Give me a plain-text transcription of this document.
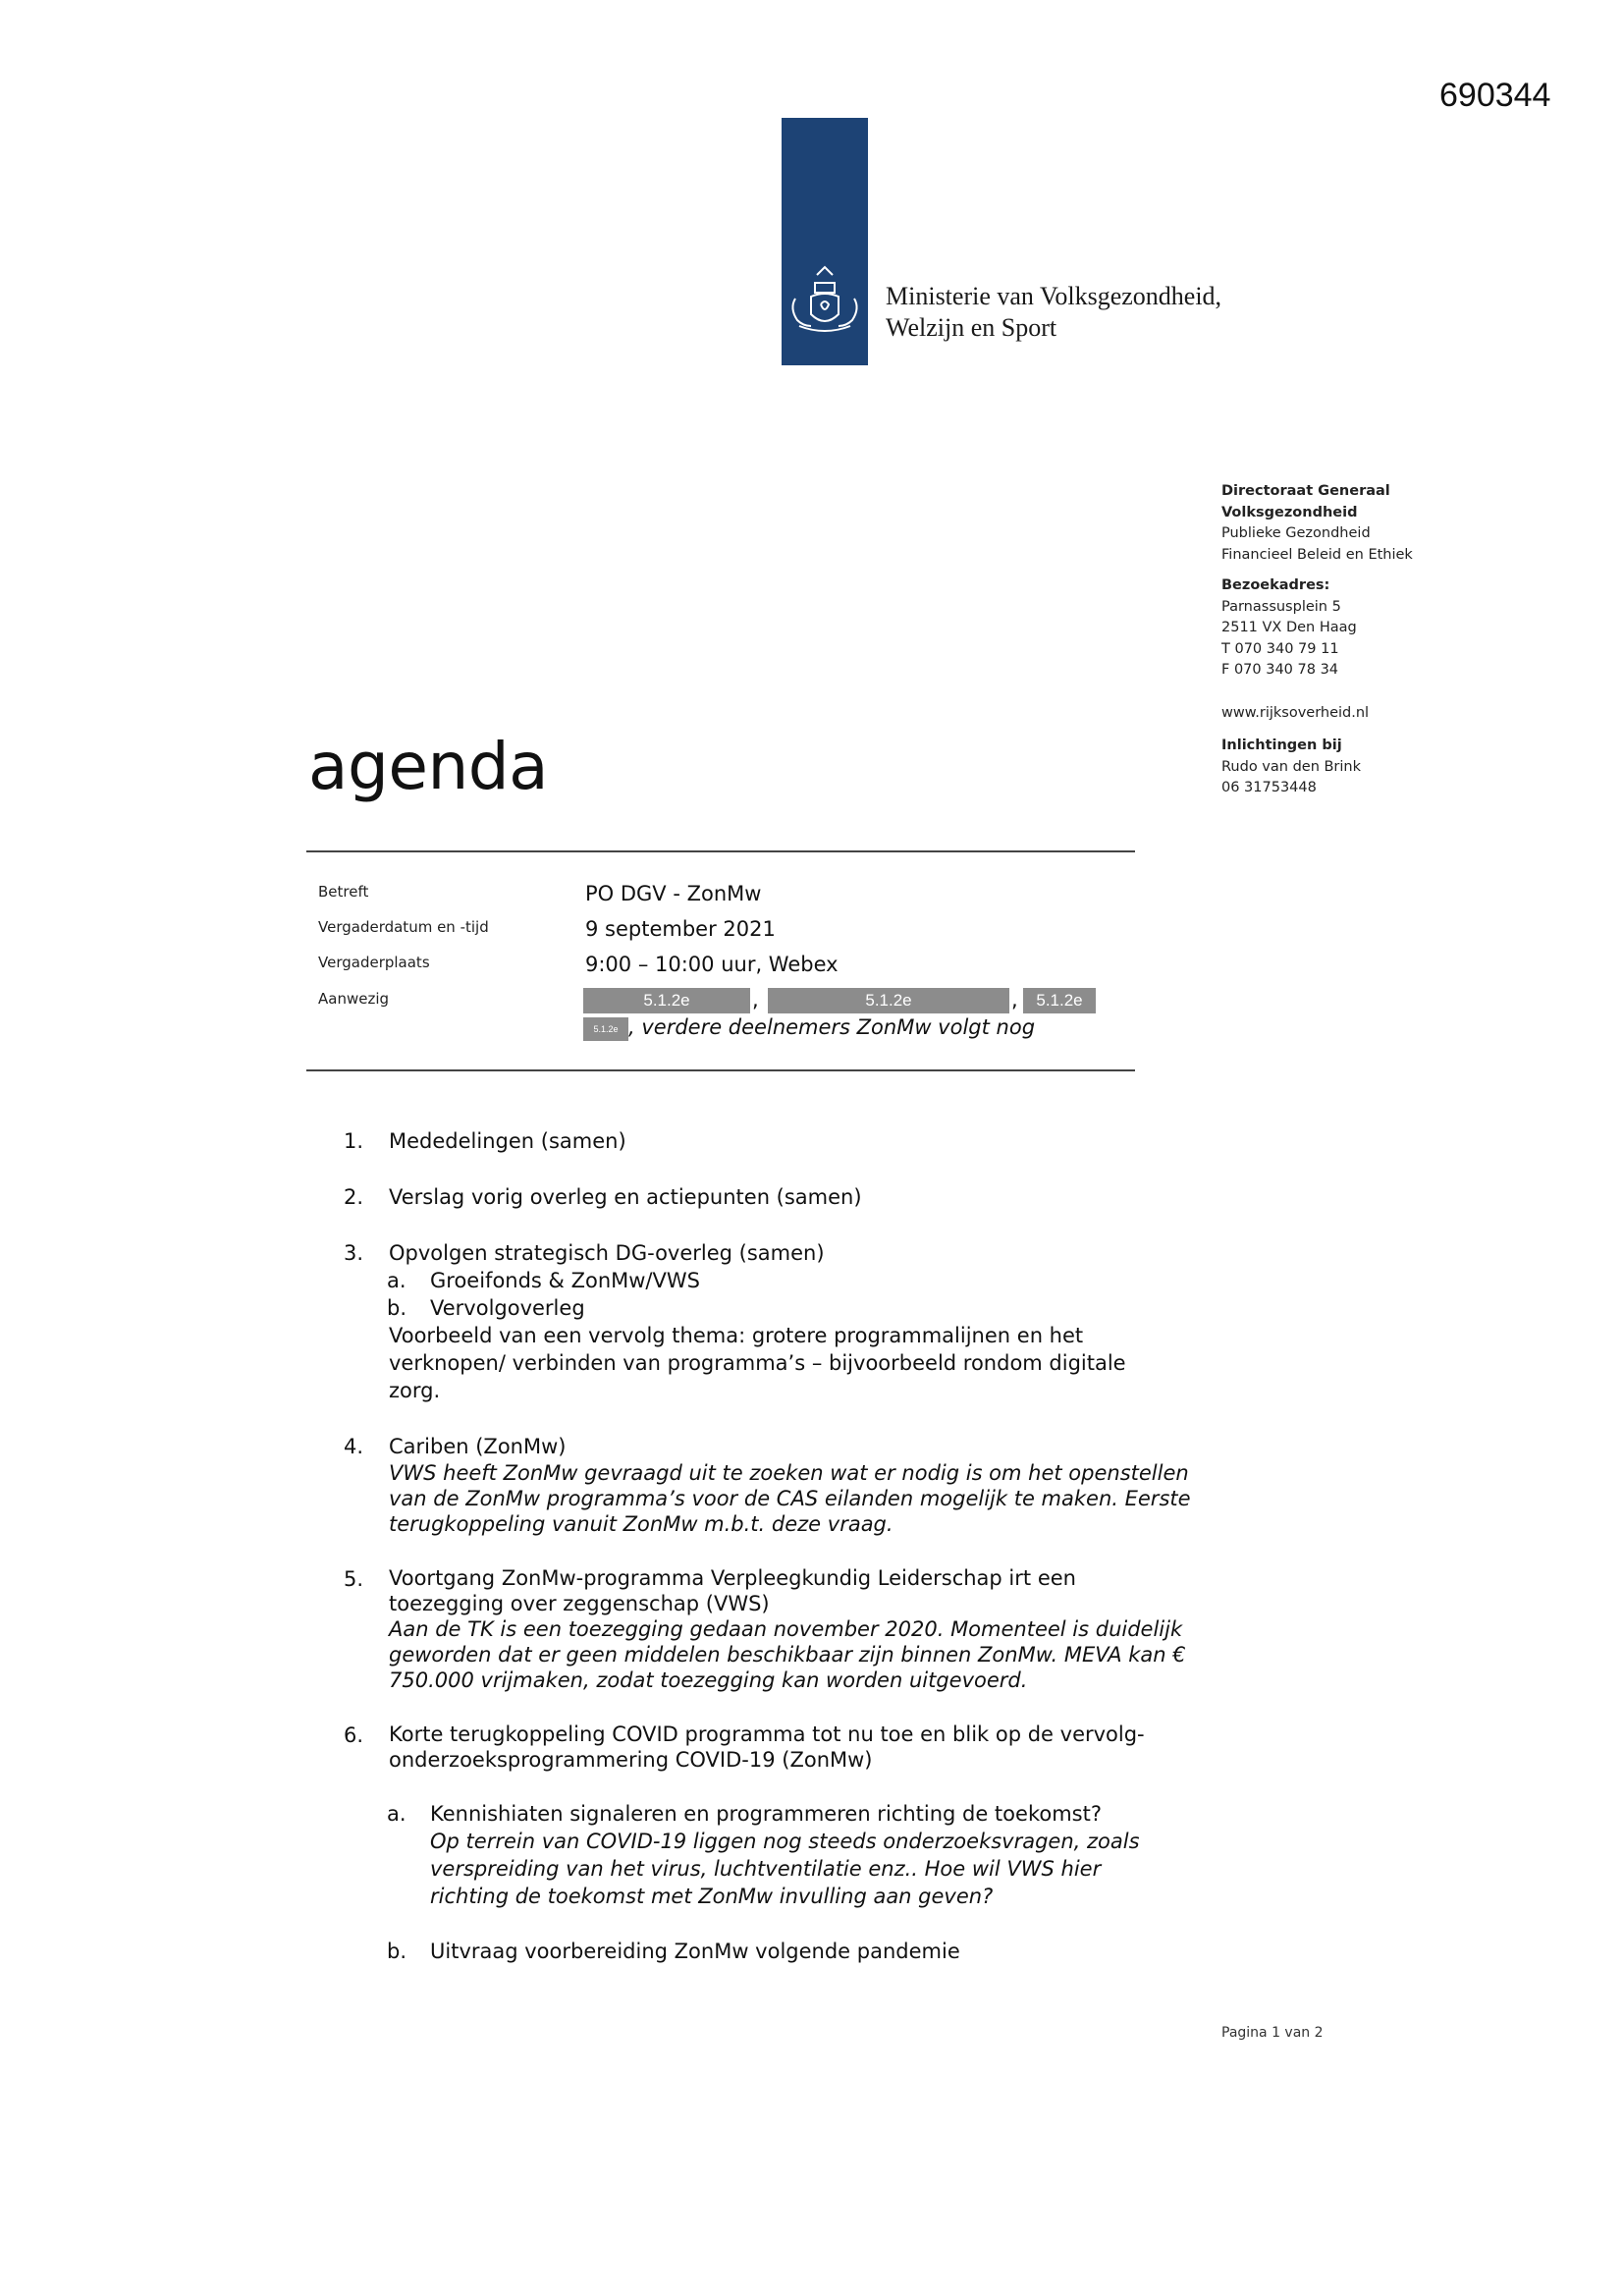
690344
Ministerie van Volksgezondheid,
Welzijn en Sport
Directoraat Generaal
Volksgezondheid
Publieke Gezondheid
Financieel Beleid en Ethiek
Bezoekadres:
Parnassusplein 5
2511 VX Den Haag
T 070 340 79 11
F 070 340 78 34
www.rijksoverheid.nl
Inlichtingen bij
Rudo van den Brink
06 31753448
agenda
Betreft	PO DGV - ZonMw
Vergaderdatum en -tijd	9 september 2021
Vergaderplaats	9:00 – 10:00 uur, Webex
Aanwezig	5.1.2e	,	5.1.2e	,	5.1.2e
5.1.2e , verdere deelnemers ZonMw volgt nog
1. Mededelingen (samen)
2. Verslag vorig overleg en actiepunten (samen)
3. Opvolgen strategisch DG-overleg (samen)
a. Groeifonds & ZonMw/VWS
b. Vervolgoverleg
Voorbeeld van een vervolg thema: grotere programmalijnen en het verknopen/ verbinden van programma’s – bijvoorbeeld rondom digitale zorg.
4. Cariben (ZonMw)
VWS heeft ZonMw gevraagd uit te zoeken wat er nodig is om het openstellen van de ZonMw programma’s voor de CAS eilanden mogelijk te maken. Eerste terugkoppeling vanuit ZonMw m.b.t. deze vraag.
5. Voortgang ZonMw-programma Verpleegkundig Leiderschap irt een toezegging over zeggenschap (VWS)
Aan de TK is een toezegging gedaan november 2020. Momenteel is duidelijk geworden dat er geen middelen beschikbaar zijn binnen ZonMw. MEVA kan € 750.000 vrijmaken, zodat toezegging kan worden uitgevoerd.
6. Korte terugkoppeling COVID programma tot nu toe en blik op de vervolg-onderzoeksprogrammering COVID-19 (ZonMw)
a. Kennishiaten signaleren en programmeren richting de toekomst?
Op terrein van COVID-19 liggen nog steeds onderzoeksvragen, zoals verspreiding van het virus, luchtventilatie enz.. Hoe wil VWS hier richting de toekomst met ZonMw invulling aan geven?
b. Uitvraag voorbereiding ZonMw volgende pandemie
Pagina 1 van 2
